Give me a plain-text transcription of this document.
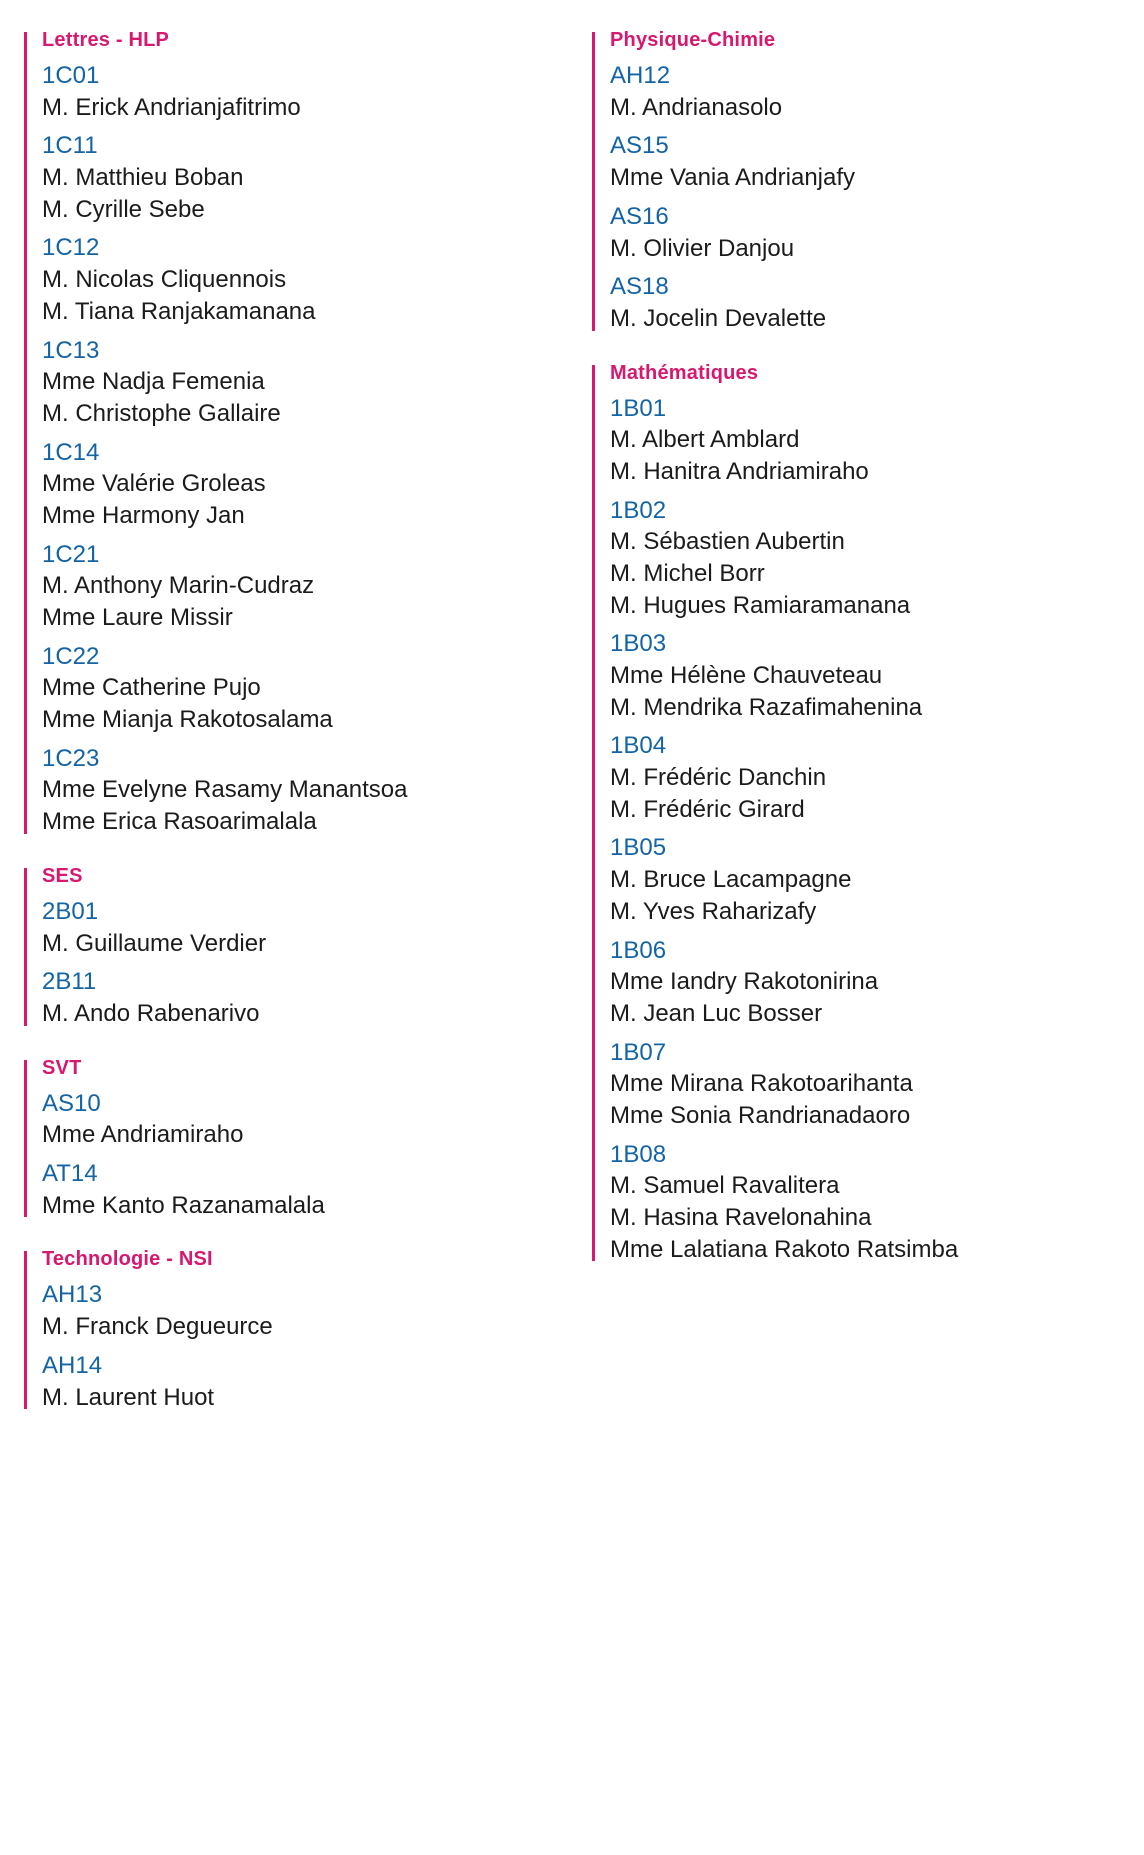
Lettres - HLP
1C01
M. Erick Andrianjafitrimo
1C11
M. Matthieu Boban
M. Cyrille Sebe
1C12
M. Nicolas Cliquennois
M. Tiana Ranjakamanana
1C13
Mme Nadja Femenia
M. Christophe Gallaire
1C14
Mme Valérie Groleas
Mme Harmony Jan
1C21
M. Anthony Marin-Cudraz
Mme Laure Missir
1C22
Mme Catherine Pujo
Mme Mianja Rakotosalama
1C23
Mme Evelyne Rasamy Manantsoa
Mme Erica Rasoarimalala
SES
2B01
M. Guillaume Verdier
2B11
M. Ando Rabenarivo
SVT
AS10
Mme Andriamiraho
AT14
Mme Kanto Razanamalala
Technologie - NSI
AH13
M. Franck Degueurce
AH14
M. Laurent Huot
Physique-Chimie
AH12
M. Andrianasolo
AS15
Mme Vania Andrianjafy
AS16
M. Olivier Danjou
AS18
M. Jocelin Devalette
Mathématiques
1B01
M. Albert Amblard
M. Hanitra Andriamiraho
1B02
M. Sébastien Aubertin
M. Michel Borr
M. Hugues Ramiaramanana
1B03
Mme Hélène Chauveteau
M. Mendrika Razafimahenina
1B04
M. Frédéric Danchin
M. Frédéric Girard
1B05
M. Bruce Lacampagne
M. Yves Raharizafy
1B06
Mme Iandry Rakotonirina
M. Jean Luc Bosser
1B07
Mme Mirana Rakotoarihanta
Mme Sonia Randrianadaoro
1B08
M. Samuel Ravalitera
M. Hasina Ravelonahina
Mme Lalatiana Rakoto Ratsimba
